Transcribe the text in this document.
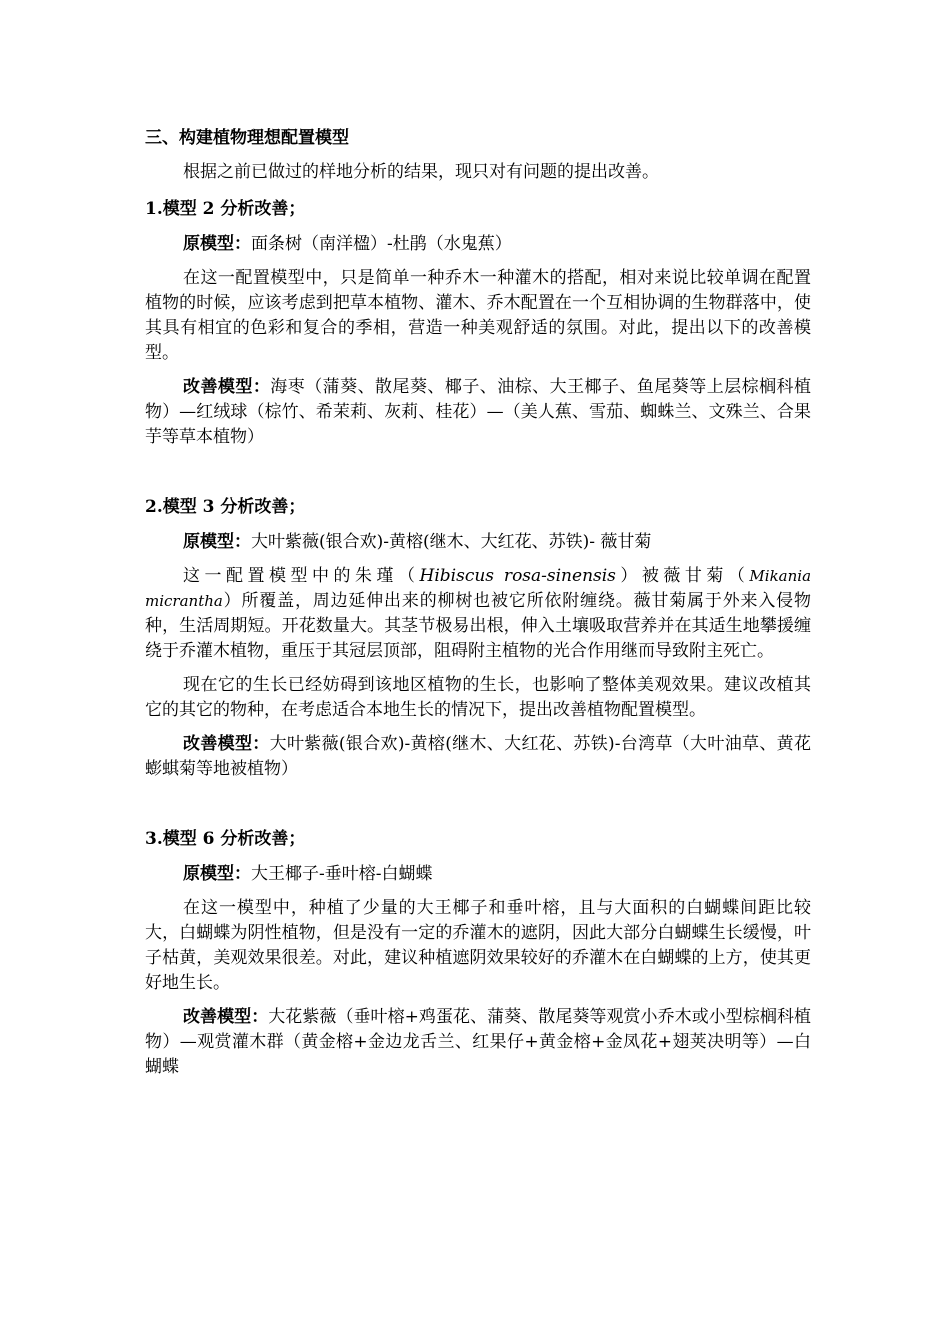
三、构建植物理想配置模型

根据之前已做过的样地分析的结果，现只对有问题的提出改善。

1.模型 2 分析改善；

原模型：面条树（南洋楹）-杜鹃（水鬼蕉）

在这一配置模型中，只是简单一种乔木一种灌木的搭配，相对来说比较单调在配置植物的时候，应该考虑到把草本植物、灌木、乔木配置在一个互相协调的生物群落中，使其具有相宜的色彩和复合的季相，营造一种美观舒适的氛围。对此，提出以下的改善模型。

改善模型：海枣（蒲葵、散尾葵、椰子、油棕、大王椰子、鱼尾葵等上层棕榈科植物）—红绒球（棕竹、希茉莉、灰莉、桂花）—（美人蕉、雪茄、蜘蛛兰、文殊兰、合果芋等草本植物）

2.模型 3 分析改善；

原模型：大叶紫薇(银合欢)-黄榕(继木、大红花、苏铁)- 薇甘菊

这一配置模型中的朱瑾（Hibiscus rosa-sinensis）被薇甘菊（Mikania micrantha）所覆盖，周边延伸出来的柳树也被它所依附缠绕。薇甘菊属于外来入侵物种，生活周期短。开花数量大。其茎节极易出根，伸入土壤吸取营养并在其适生地攀援缠绕于乔灌木植物，重压于其冠层顶部，阻碍附主植物的光合作用继而导致附主死亡。

现在它的生长已经妨碍到该地区植物的生长，也影响了整体美观效果。建议改植其它的其它的物种，在考虑适合本地生长的情况下，提出改善植物配置模型。

改善模型：大叶紫薇(银合欢)-黄榕(继木、大红花、苏铁)-台湾草（大叶油草、黄花蟛蜞菊等地被植物）

3.模型 6 分析改善；

原模型：大王椰子-垂叶榕-白蝴蝶

在这一模型中，种植了少量的大王椰子和垂叶榕，且与大面积的白蝴蝶间距比较大，白蝴蝶为阴性植物，但是没有一定的乔灌木的遮阴，因此大部分白蝴蝶生长缓慢，叶子枯黄，美观效果很差。对此，建议种植遮阴效果较好的乔灌木在白蝴蝶的上方，使其更好地生长。

改善模型：大花紫薇（垂叶榕+鸡蛋花、蒲葵、散尾葵等观赏小乔木或小型棕榈科植物）—观赏灌木群（黄金榕+金边龙舌兰、红果仔+黄金榕+金凤花+翅荚决明等）—白蝴蝶
